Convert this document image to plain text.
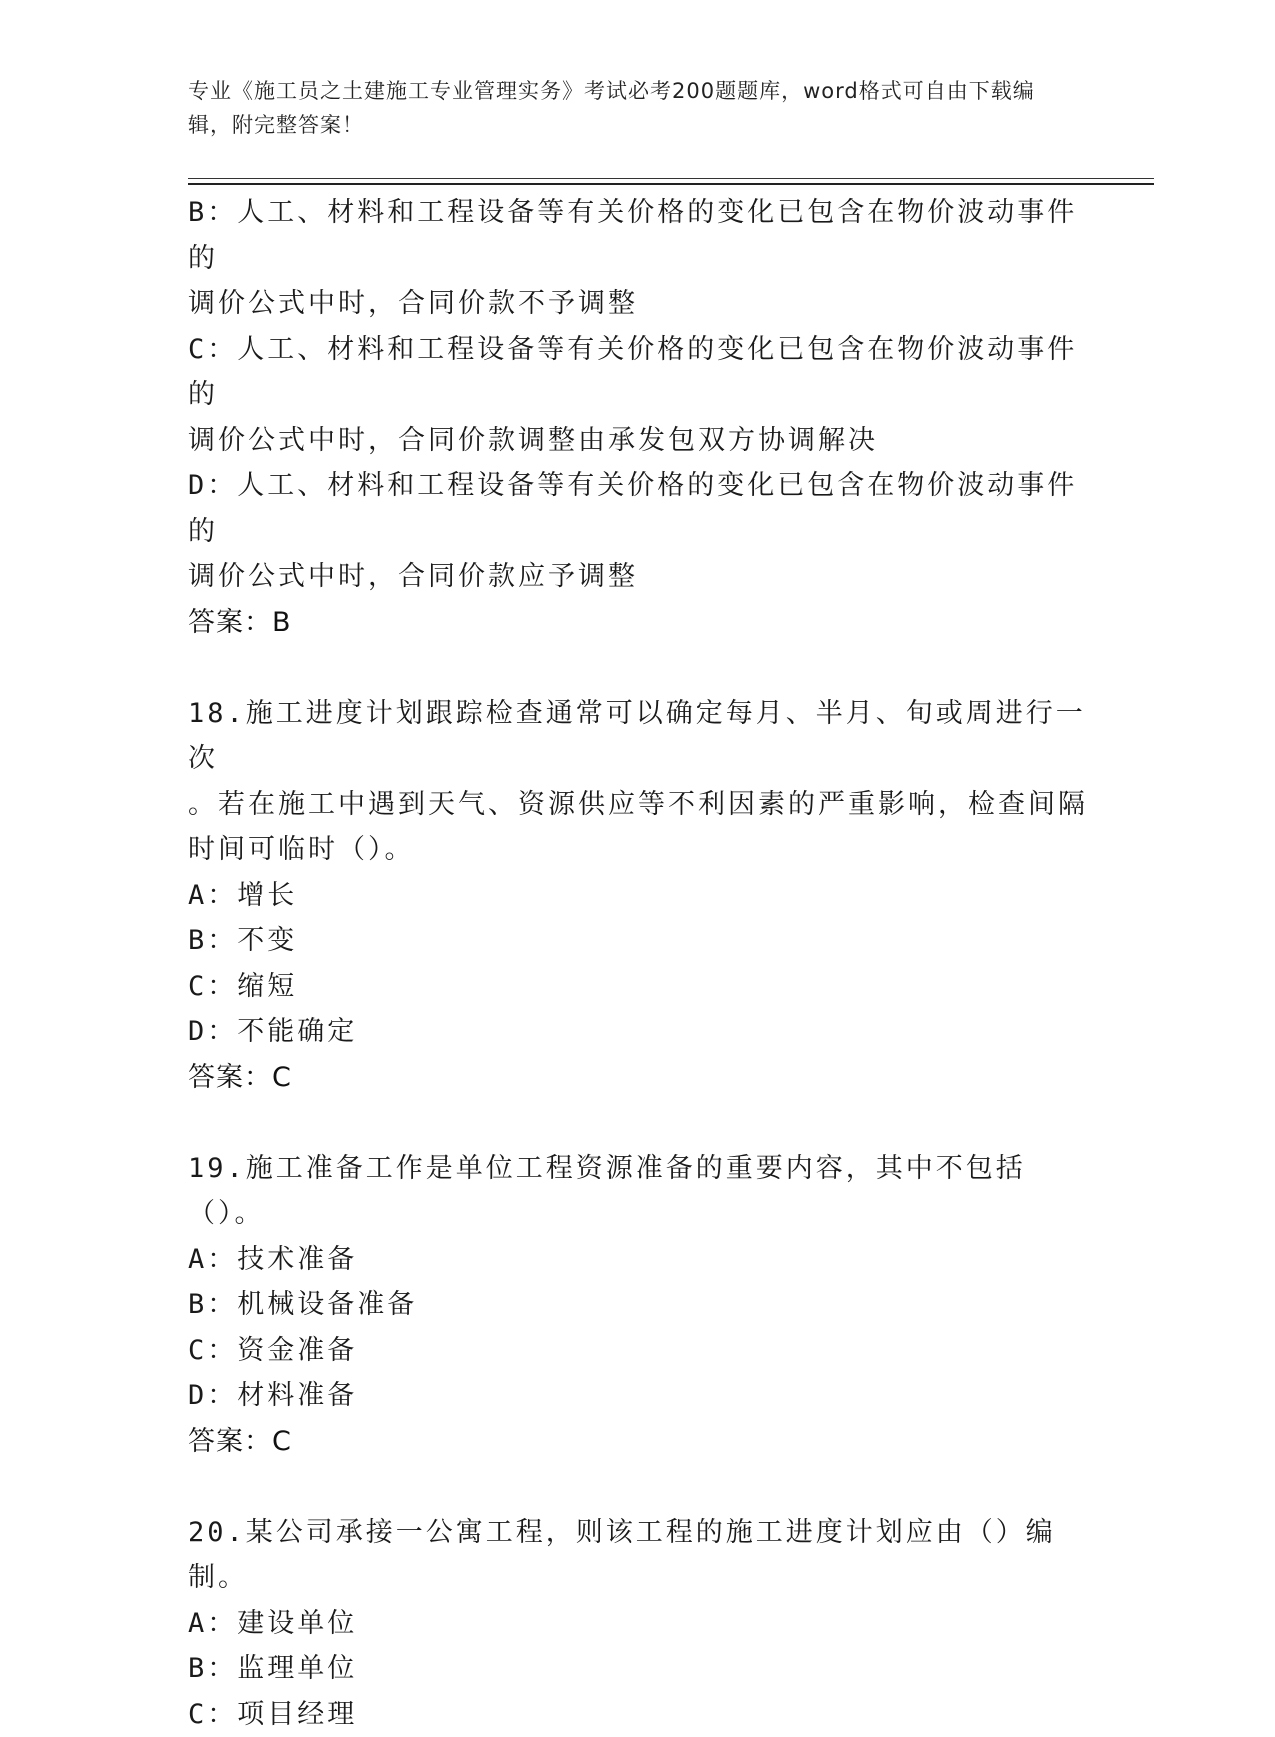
专业《施工员之土建施工专业管理实务》考试必考200题题库，word格式可自由下载编辑，附完整答案！

B：人工、材料和工程设备等有关价格的变化已包含在物价波动事件的

调价公式中时，合同价款不予调整

C：人工、材料和工程设备等有关价格的变化已包含在物价波动事件的

调价公式中时，合同价款调整由承发包双方协调解决

D：人工、材料和工程设备等有关价格的变化已包含在物价波动事件的

调价公式中时，合同价款应予调整

答案：B

18.施工进度计划跟踪检查通常可以确定每月、半月、旬或周进行一次

。若在施工中遇到天气、资源供应等不利因素的严重影响，检查间隔

时间可临时（）。

A：增长

B：不变

C：缩短

D：不能确定

答案：C

19.施工准备工作是单位工程资源准备的重要内容，其中不包括（）。

A：技术准备

B：机械设备准备

C：资金准备

D：材料准备

答案：C

20.某公司承接一公寓工程，则该工程的施工进度计划应由（）编制。

A：建设单位

B：监理单位

C：项目经理
